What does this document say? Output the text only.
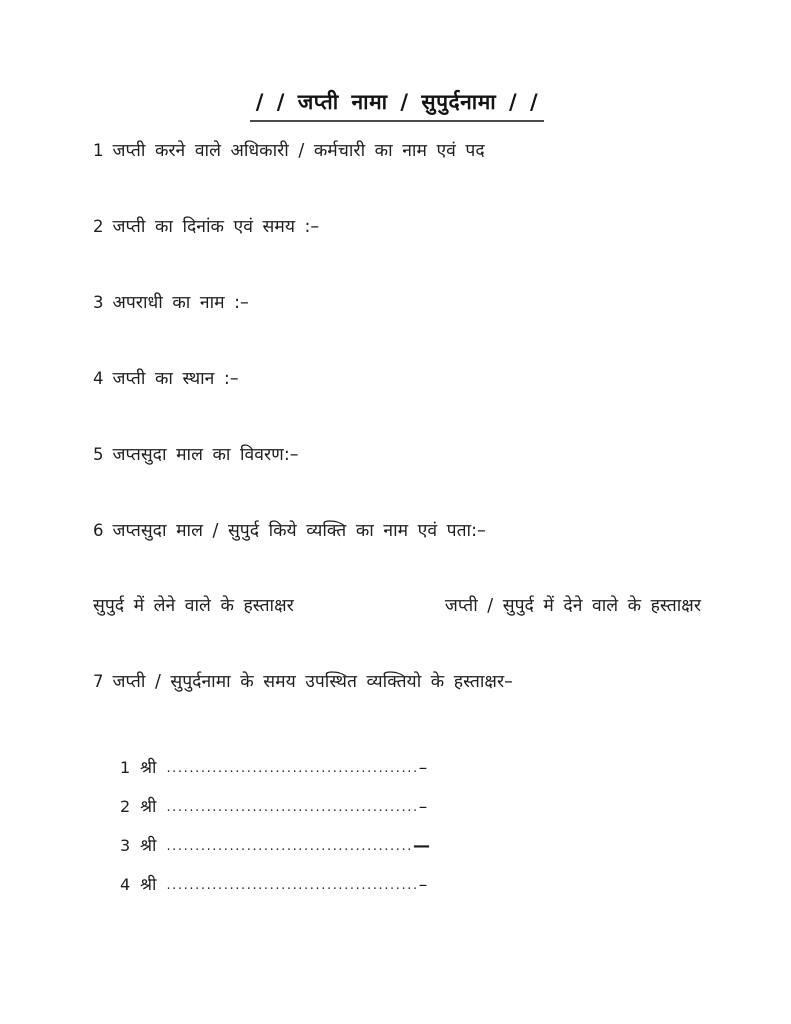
/ / जप्ती नामा / सुपुर्दनामा / /
1 जप्ती करने वाले अधिकारी / कर्मचारी का नाम एवं पद
2 जप्ती का दिनांक एवं समय :–
3 अपराधी का नाम :–
4 जप्ती का स्थान :–
5 जप्तसुदा माल का विवरण:–
6 जप्तसुदा माल / सुपुर्द किये व्यक्ति का नाम एवं पता:–
सुपुर्द में लेने वाले के हस्ताक्षर	जप्ती / सुपुर्द में देने वाले के हस्ताक्षर
7 जप्ती / सुपुर्दनामा के समय उपस्थित व्यक्तियो के हस्ताक्षर–
1 श्री ............................................–
2 श्री ............................................–
3 श्री ...........................................—
4 श्री ............................................–
